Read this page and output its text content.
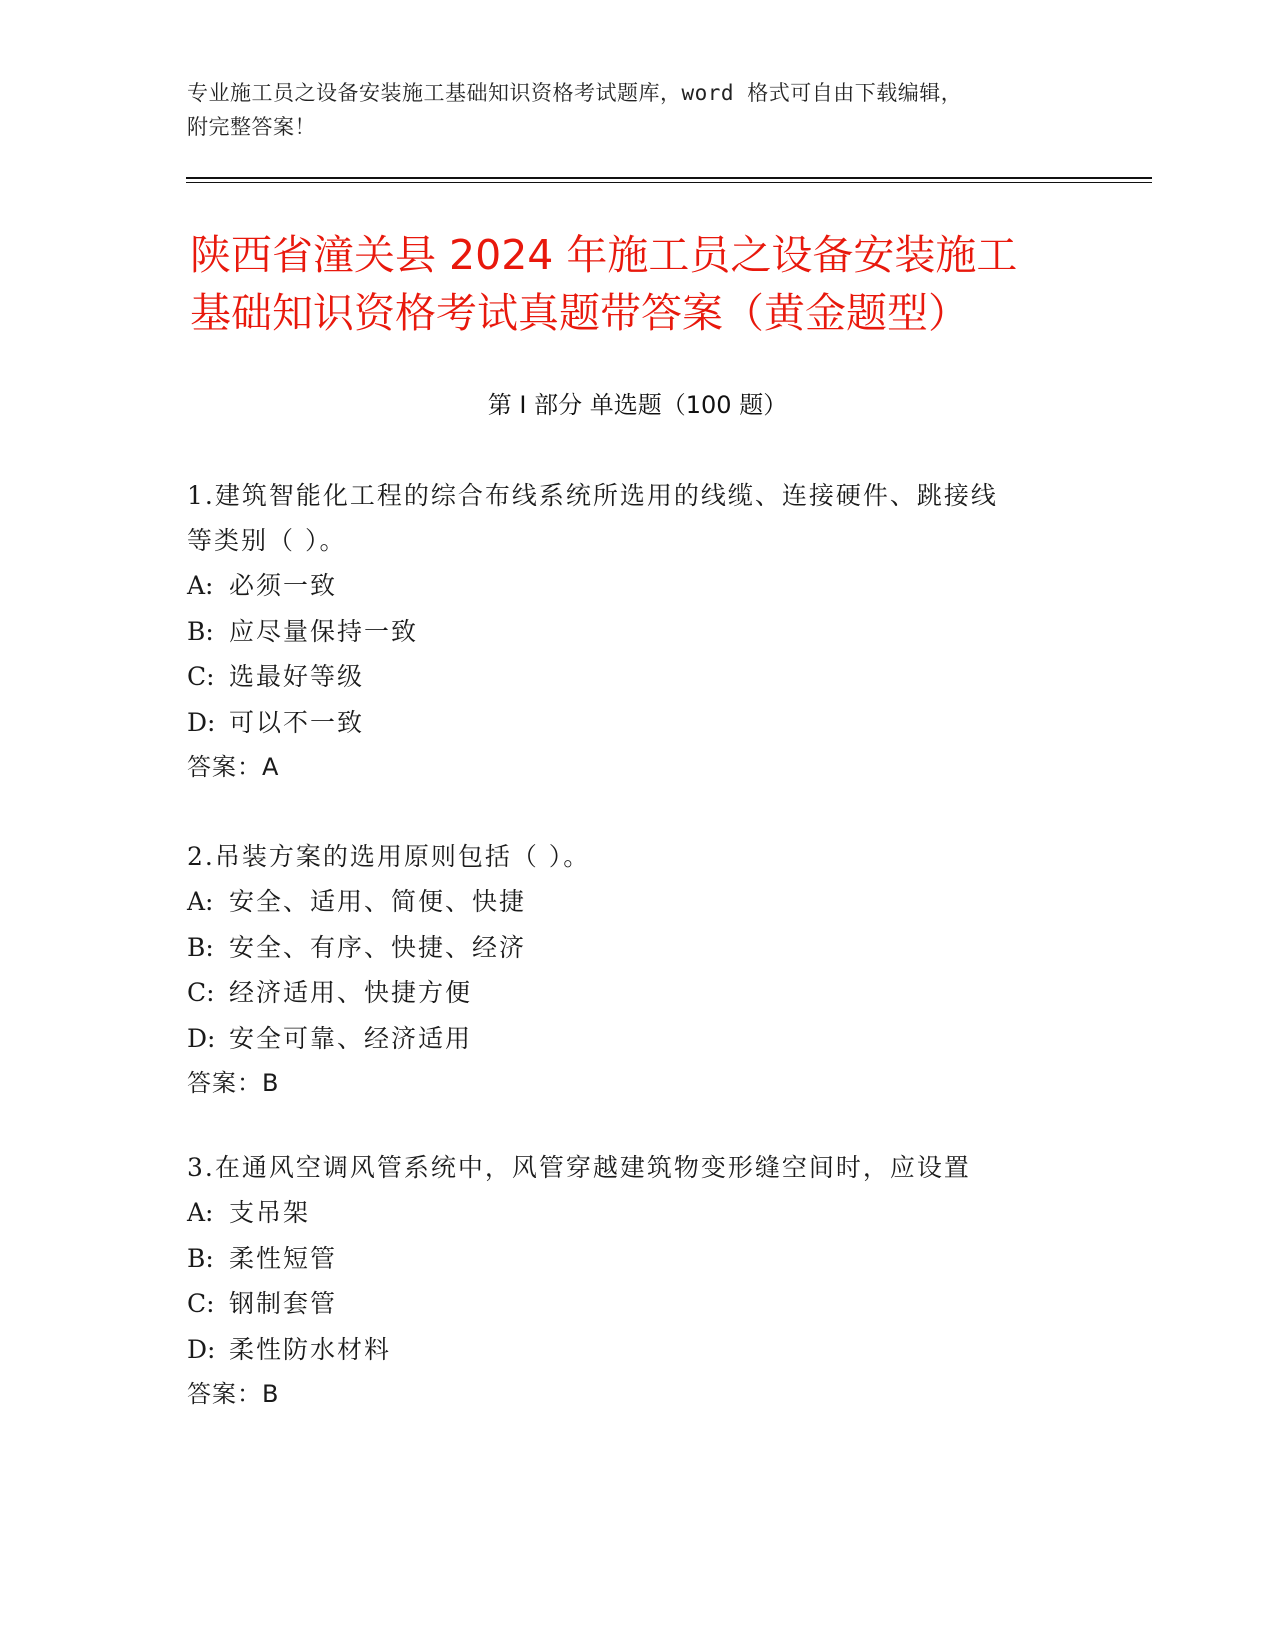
专业施工员之设备安装施工基础知识资格考试题库，word 格式可自由下载编辑，
附完整答案！
陕西省潼关县 2024 年施工员之设备安装施工
基础知识资格考试真题带答案（黄金题型）
第 I 部分 单选题（100 题）

1.建筑智能化工程的综合布线系统所选用的线缆、连接硬件、跳接线

等类别（ ）。

A: 必须一致

B: 应尽量保持一致

C: 选最好等级

D: 可以不一致

答案：A

2.吊装方案的选用原则包括（ ）。

A: 安全、适用、简便、快捷

B: 安全、有序、快捷、经济

C: 经济适用、快捷方便

D: 安全可靠、经济适用

答案：B

3.在通风空调风管系统中，风管穿越建筑物变形缝空间时，应设置

A: 支吊架

B: 柔性短管

C: 钢制套管

D: 柔性防水材料

答案：B
